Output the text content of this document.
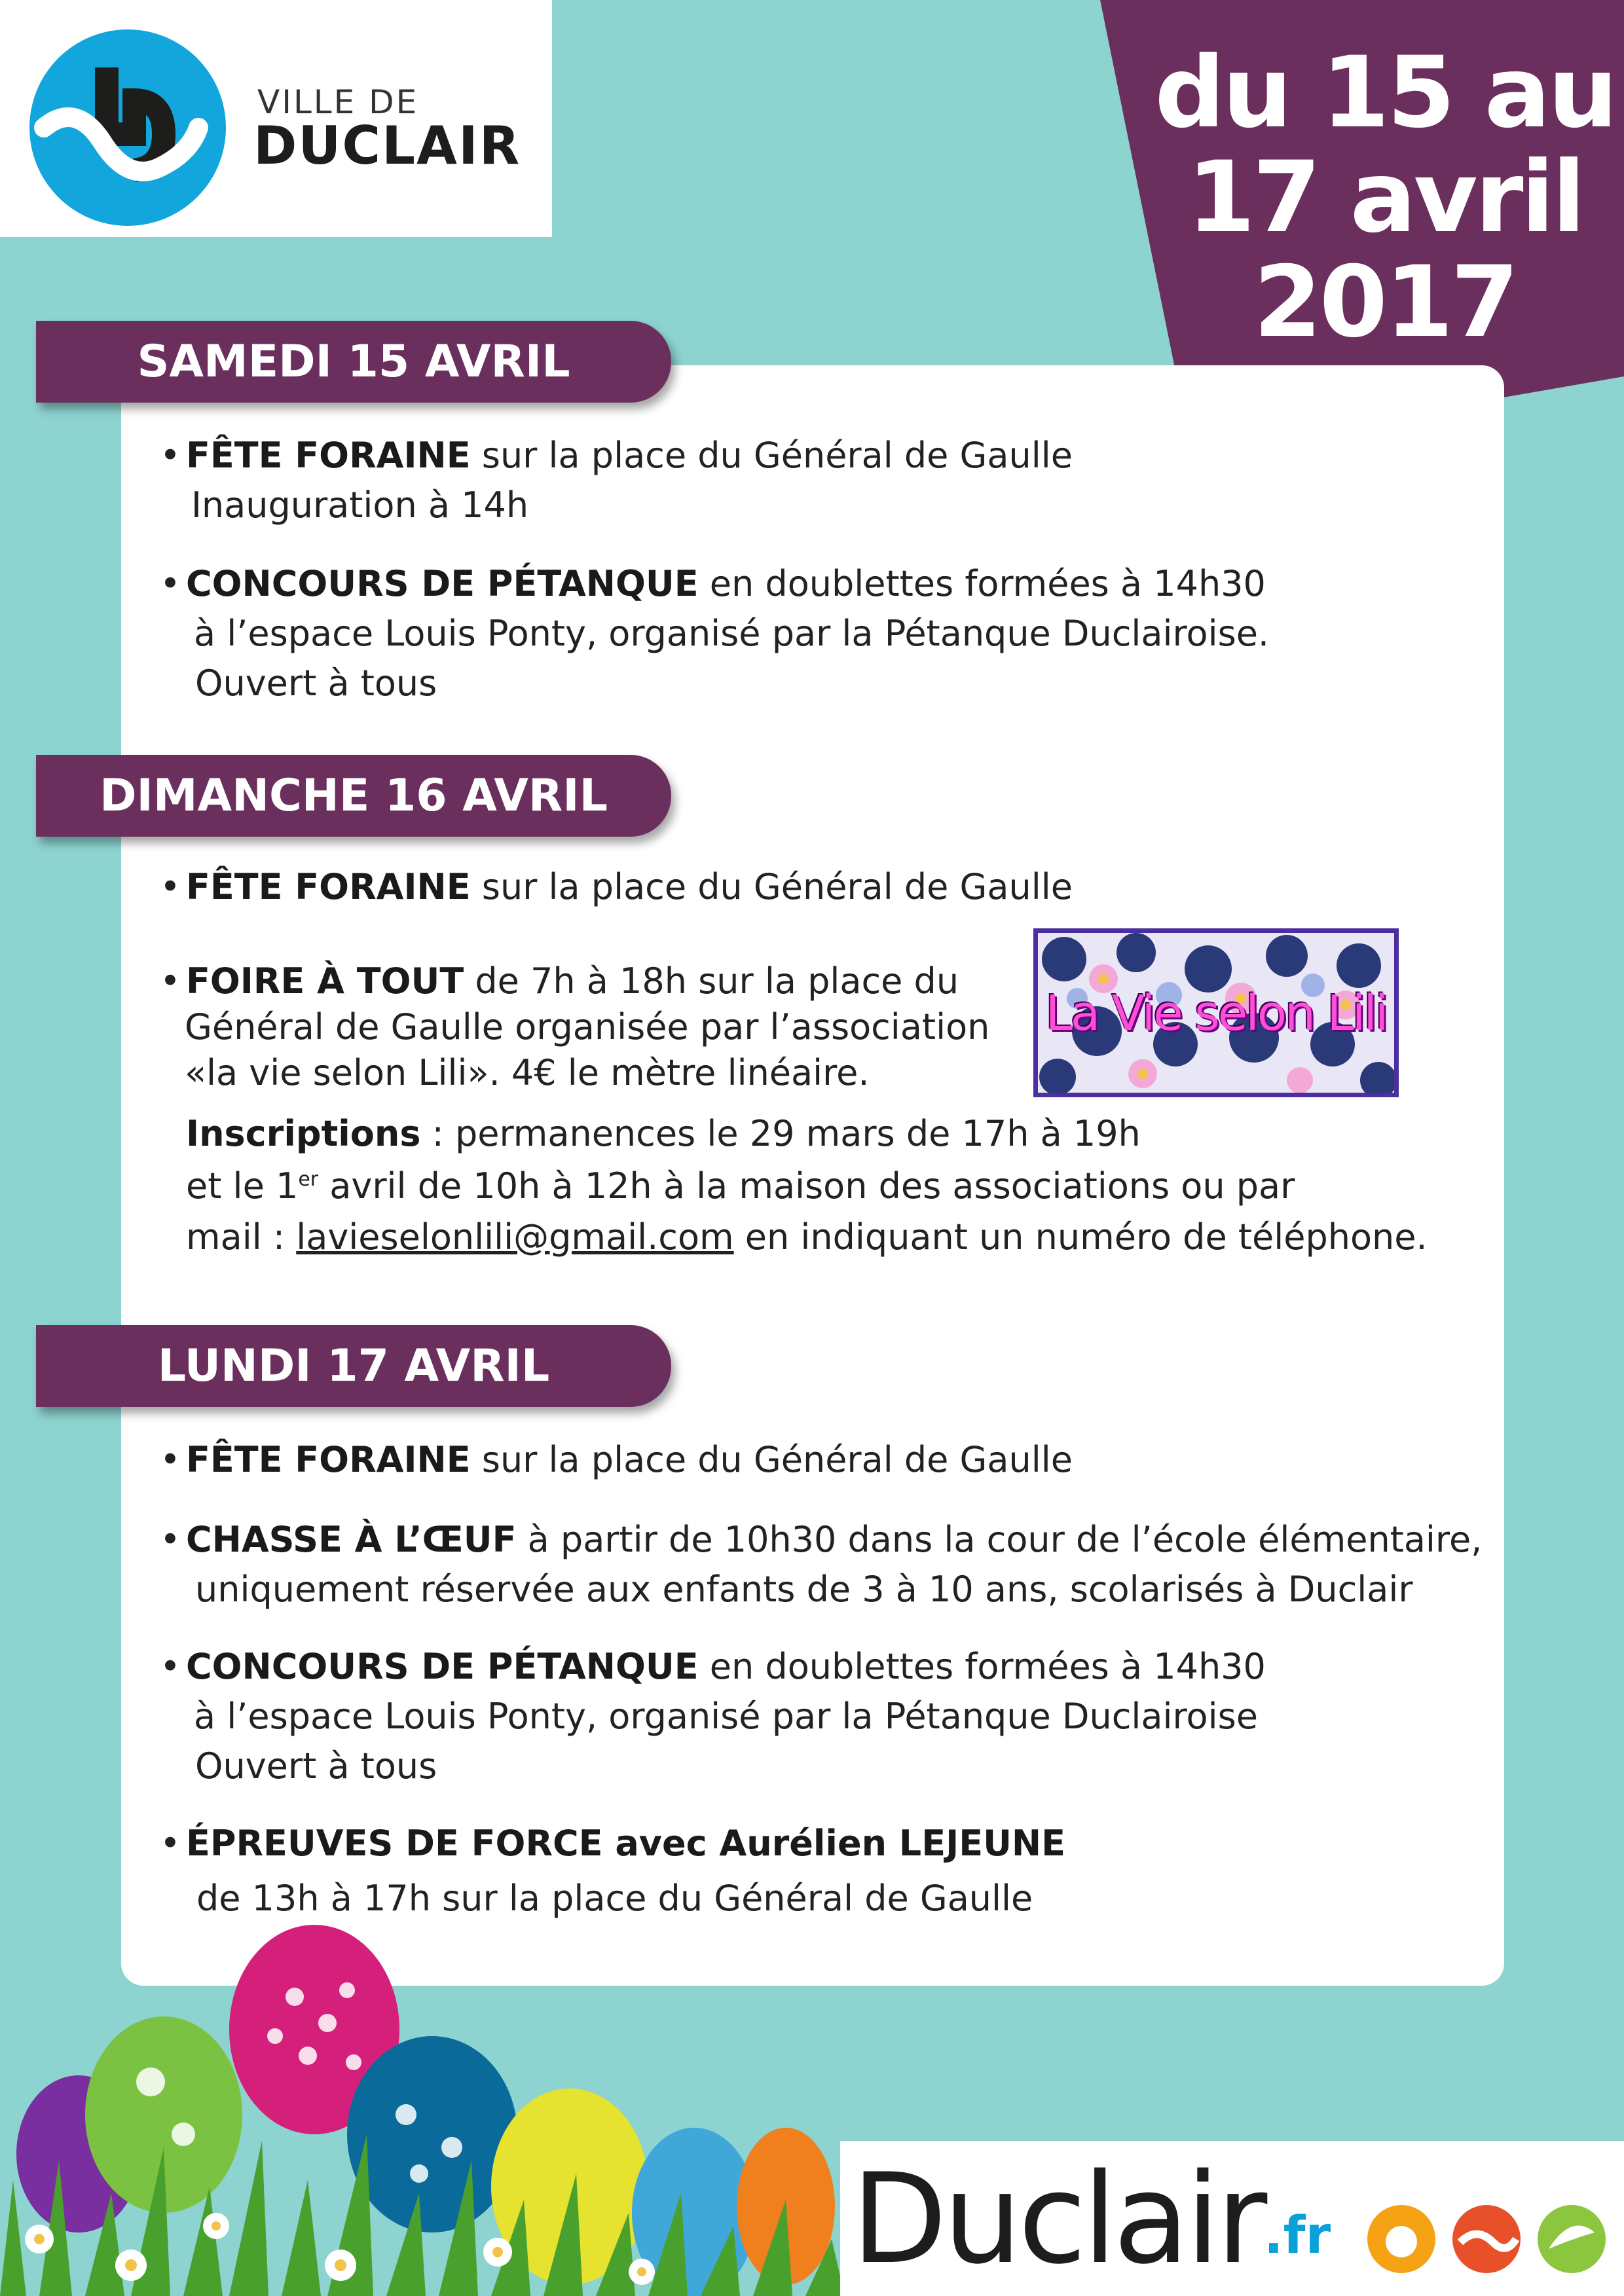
VILLE DE
DUCLAIR	du 15 au
17 avril
2017
SAMEDI 15 AVRIL
• FÊTE FORAINE sur la place du Général de Gaulle
Inauguration à 14h
• CONCOURS DE PÉTANQUE en doublettes formées à 14h30
à l’espace Louis Ponty, organisé par la Pétanque Duclairoise.
Ouvert à tous
DIMANCHE 16 AVRIL
• FÊTE FORAINE sur la place du Général de Gaulle
• FOIRE À TOUT de 7h à 18h sur la place du
Général de Gaulle organisée par l’association
«la vie selon Lili». 4€ le mètre linéaire.
La Vie selon Lili
Inscriptions : permanences le 29 mars de 17h à 19h
et le 1er avril de 10h à 12h à la maison des associations ou par
mail : lavieselonlili@gmail.com en indiquant un numéro de téléphone.
LUNDI 17 AVRIL
• FÊTE FORAINE sur la place du Général de Gaulle
• CHASSE À L’ŒUF à partir de 10h30 dans la cour de l’école élémentaire,
uniquement réservée aux enfants de 3 à 10 ans, scolarisés à Duclair
• CONCOURS DE PÉTANQUE en doublettes formées à 14h30
à l’espace Louis Ponty, organisé par la Pétanque Duclairoise
Ouvert à tous
• ÉPREUVES DE FORCE avec Aurélien LEJEUNE
de 13h à 17h sur la place du Général de Gaulle
Duclair .fr
